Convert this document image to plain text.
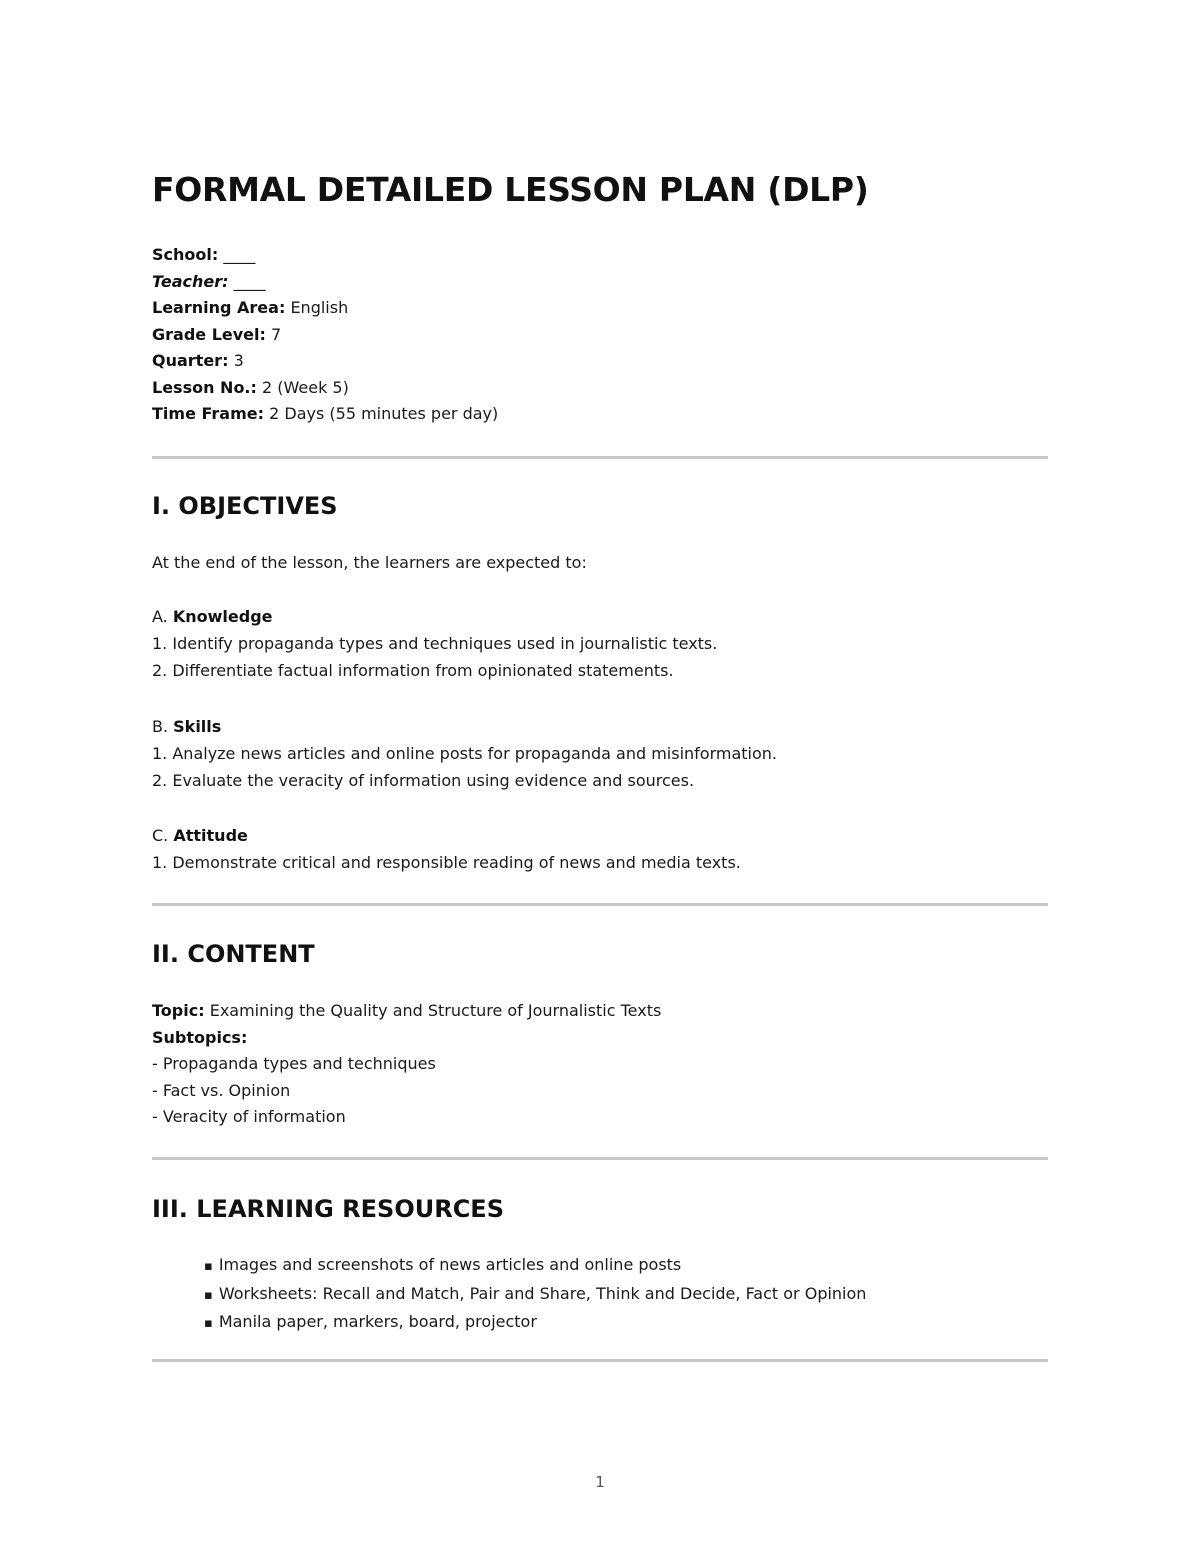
FORMAL DETAILED LESSON PLAN (DLP)
School: ____
Teacher: ____
Learning Area: English
Grade Level: 7
Quarter: 3
Lesson No.: 2 (Week 5)
Time Frame: 2 Days (55 minutes per day)
I. OBJECTIVES
At the end of the lesson, the learners are expected to:
A. Knowledge
1. Identify propaganda types and techniques used in journalistic texts.
2. Differentiate factual information from opinionated statements.
B. Skills
1. Analyze news articles and online posts for propaganda and misinformation.
2. Evaluate the veracity of information using evidence and sources.
C. Attitude
1. Demonstrate critical and responsible reading of news and media texts.
II. CONTENT
Topic: Examining the Quality and Structure of Journalistic Texts
Subtopics:
- Propaganda types and techniques
- Fact vs. Opinion
- Veracity of information
III. LEARNING RESOURCES
▪ Images and screenshots of news articles and online posts
▪ Worksheets: Recall and Match, Pair and Share, Think and Decide, Fact or Opinion
▪ Manila paper, markers, board, projector
1
